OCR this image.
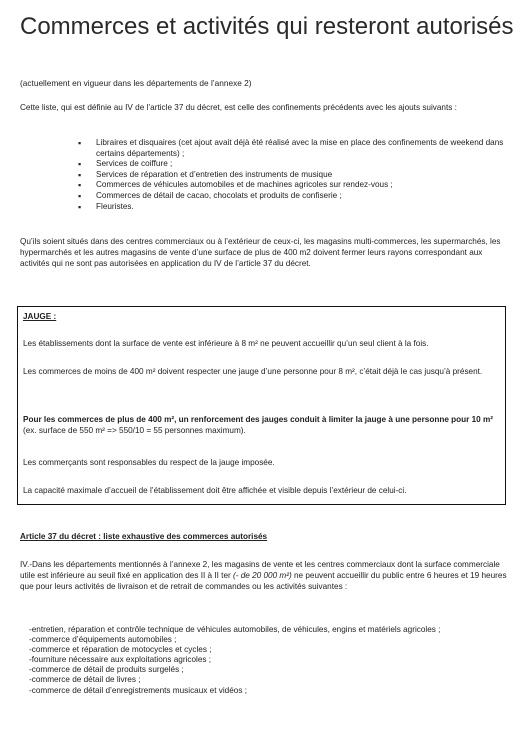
Commerces et activités qui resteront autorisés
(actuellement en vigueur dans les départements de l’annexe 2)
Cette liste, qui est définie au IV de l’article 37 du décret, est celle des confinements précédents avec les ajouts suivants :
▪ Libraires et disquaires (cet ajout avait déjà été réalisé avec la mise en place des confinements de weekend dans certains départements) ;
▪ Services de coiffure ;
▪ Services de réparation et d’entretien des instruments de musique
▪ Commerces de véhicules automobiles et de machines agricoles sur rendez-vous ;
▪ Commerces de détail de cacao, chocolats et produits de confiserie ;
▪ Fleuristes.
Qu’ils soient situés dans des centres commerciaux ou à l’extérieur de ceux-ci, les magasins multi-commerces, les supermarchés, les hypermarchés et les autres magasins de vente d’une surface de plus de 400 m2 doivent fermer leurs rayons correspondant aux activités qui ne sont pas autorisées en application du IV de l’article 37 du décret.
JAUGE :
Les établissements dont la surface de vente est inférieure à 8 m² ne peuvent accueillir qu’un seul client à la fois.
Les commerces de moins de 400 m² doivent respecter une jauge d’une personne pour 8 m², c’était déjà le cas jusqu’à présent.
Pour les commerces de plus de 400 m², un renforcement des jauges conduit à limiter la jauge à une personne pour 10 m² (ex. surface de 550 m² => 550/10 = 55 personnes maximum).
Les commerçants sont responsables du respect de la jauge imposée.
La capacité maximale d’accueil de l’établissement doit être affichée et visible depuis l’extérieur de celui-ci.
Article 37 du décret : liste exhaustive des commerces autorisés
IV.-Dans les départements mentionnés à l’annexe 2, les magasins de vente et les centres commerciaux dont la surface commerciale utile est inférieure au seuil fixé en application des II à II ter (- de 20 000 m²) ne peuvent accueillir du public entre 6 heures et 19 heures que pour leurs activités de livraison et de retrait de commandes ou les activités suivantes :
-entretien, réparation et contrôle technique de véhicules automobiles, de véhicules, engins et matériels agricoles ;
-commerce d’équipements automobiles ;
-commerce et réparation de motocycles et cycles ;
-fourniture nécessaire aux exploitations agricoles ;
-commerce de détail de produits surgelés ;
-commerce de détail de livres ;
-commerce de détail d’enregistrements musicaux et vidéos ;
